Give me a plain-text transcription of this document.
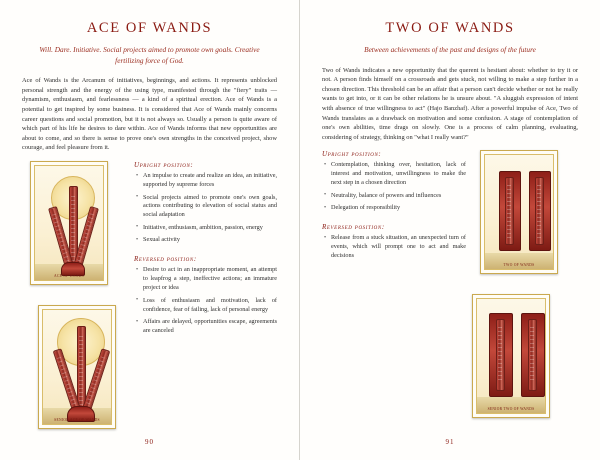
ACE OF WANDS
Will. Dare. Initiative. Social projects aimed to promote own goals. Creative fertilizing force of God.

Ace of Wands is the Arcanum of initiatives, beginnings, and actions. It represents unblocked personal strength and the energy of the using type, manifested through the "fiery" traits — dynamism, enthusiasm, and fearlessness — a kind of a spiritual erection. Ace of Wands is a potential to get inspired by some business. It is considered that Ace of Wands mainly concerns career questions and social promotion, but it is not always so. Usually a person is quite aware of which part of his life he desires to dare within. Ace of Wands informs that new opportunities are about to come, and so there is sense to prove one's own strengths in the conceived project, show courage, and feel pleasure from it.

ACE OF WANDS
SENIOR ACE OF WANDS
Upright position:
• An impulse to create and realize an idea, an initiative, supported by supreme forces
• Social projects aimed to promote one's own goals, actions contributing to elevation of social status and social adaptation
• Initiative, enthusiasm, ambition, passion, energy
• Sexual activity
Reversed position:
• Desire to act in an inappropriate moment, an attempt to leapfrog a step, ineffective actions; an immature project or idea
• Loss of enthusiasm and motivation, lack of confidence, fear of failing, lack of personal energy
• Affairs are delayed, opportunities escape, agreements are canceled
90
TWO OF WANDS
Between achievements of the past and designs of the future

Two of Wands indicates a new opportunity that the querent is hesitant about: whether to try it or not. A person finds himself on a crossroads and gets stuck, not willing to make a step further in a chosen direction. This threshold can be an affair that a person can't decide whether or not he really wants to get into, or it can be other relations he is unsure about. "A sluggish expression of intent with absence of true willingness to act" (Hajo Banzhaf). After a powerful impulse of Ace, Two of Wands translates as a drawback on motivation and some confusion. A stage of contemplation of one's own abilities, time drags on slowly. One is a process of calm planning, evaluating, considering of strategy, thinking on "what I really want?"

TWO OF WANDS
SENIOR TWO OF WANDS
Upright position:
• Contemplation, thinking over, hesitation, lack of interest and motivation, unwillingness to make the next step in a chosen direction
• Neutrality, balance of powers and influences
• Delegation of responsibility
Reversed position:
• Release from a stuck situation, an unexpected turn of events, which will prompt one to act and make decisions
91
